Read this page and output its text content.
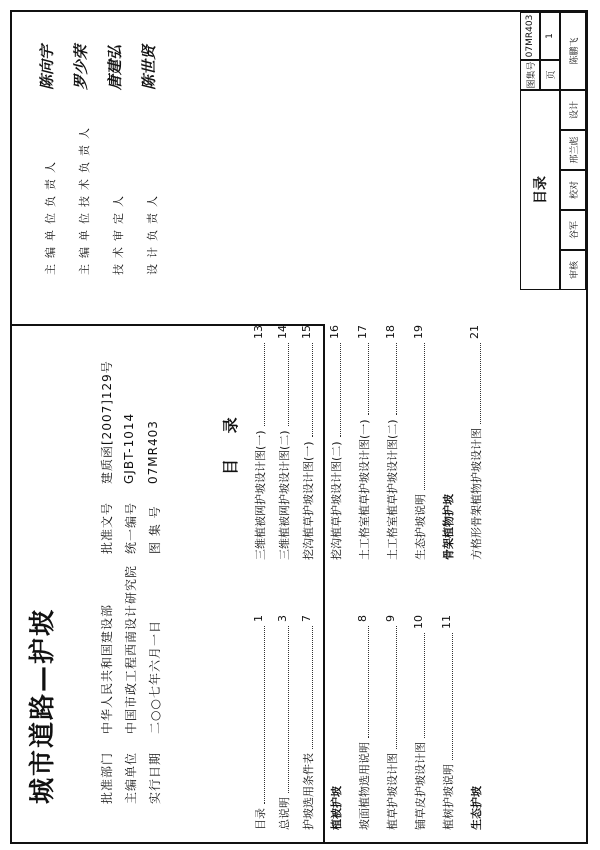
城市道路—护坡	批准部门
中华人民共和国建设部
批准文号
建质函[2007]129号
主编单位
中国市政工程西南设计研究院
统一编号
GJBT-1014
实行日期
二○○七年六月一日
图 集 号
07MR403
主编单位负责人
陈向宇
主编单位技术负责人
罗少荣
技术审定人
唐建弘
设计负责人
陈世贤
目 录
目录
1
总说明
3
护坡选用条件表
7
植被护坡 坡面植物选用说明
8
植草护坡设计图
9
铺草皮护坡设计图
10
植树护坡说明
11
生态护坡
三维植被网护坡设计图(一)
13
三维植被网护坡设计图(二)
14
挖沟植草护坡设计图(一)
15
挖沟植草护坡设计图(二)
16
土工格室植草护坡设计图(一)
17
土工格室植草护坡设计图(二)
18
生态护坡说明
19
骨架植物护坡 方格形骨架植物护坡设计图
21
目录
图集号
07MR403
页
1
审核
谷军
校对
邢兰彪
设计
陈鹏飞
